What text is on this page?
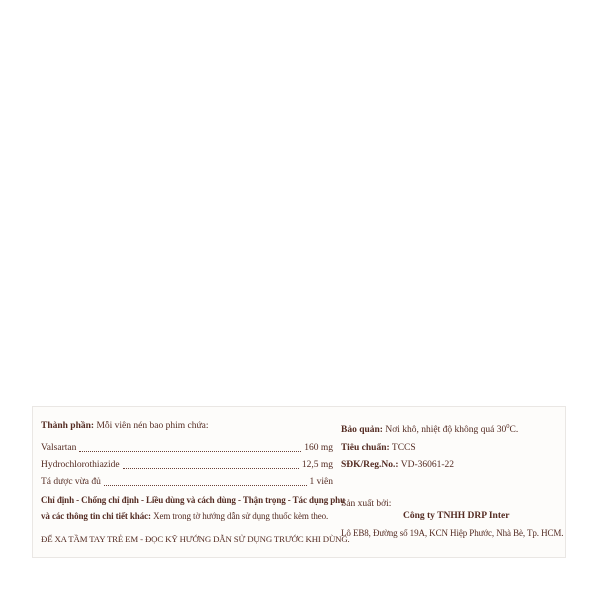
Thành phần: Mỗi viên nén bao phim chứa:
Valsartan	160 mg
Hydrochlorothiazide	12,5 mg
Tá dược vừa đủ	1 viên
Chỉ định - Chống chỉ định - Liều dùng và cách dùng - Thận trọng - Tác dụng phụ
và các thông tin chi tiết khác: Xem trong tờ hướng dẫn sử dụng thuốc kèm theo.
ĐỂ XA TẦM TAY TRẺ EM - ĐỌC KỸ HƯỚNG DẪN SỬ DỤNG TRƯỚC KHI DÙNG.
Bảo quản: Nơi khô, nhiệt độ không quá $30^0C$.
Tiêu chuẩn: TCCS
SĐK/Reg.No.: VD-36061-22
Sản xuất bởi:
Công ty TNHH DRP Inter
Lô EB8, Đường số 19A, KCN Hiệp Phước, Nhà Bè, Tp. HCM.
